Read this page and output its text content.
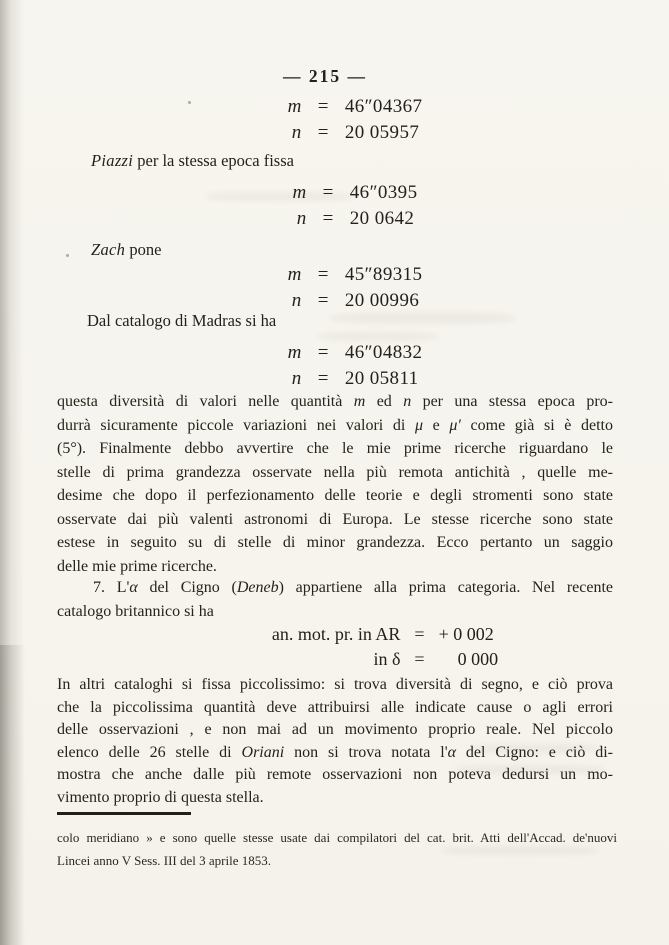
— 215 —
m = 46″04367
n = 20 05957
Piazzi per la stessa epoca fissa
m = 46″0395
n = 20 0642
Zach pone
m = 45″89315
n = 20 00996
Dal catalogo di Madras si ha
m = 46″04832
n = 20 05811
questa diversità di valori nelle quantità m ed n per una stessa epoca pro-
durrà sicuramente piccole variazioni nei valori di μ e μ′ come già si è detto
(5°). Finalmente debbo avvertire che le mie prime ricerche riguardano le
stelle di prima grandezza osservate nella più remota antichità , quelle me-
desime che dopo il perfezionamento delle teorie e degli stromenti sono state
osservate dai più valenti astronomi di Europa. Le stesse ricerche sono state
estese in seguito su di stelle di minor grandezza. Ecco pertanto un saggio
delle mie prime ricerche.
7. L'α del Cigno (Deneb) appartiene alla prima categoria. Nel recente
catalogo britannico si ha
an. mot. pr. in AR = + 0 002
in δ =	0 000
In altri cataloghi si fissa piccolissimo: si trova diversità di segno, e ciò prova
che la piccolissima quantità deve attribuirsi alle indicate cause o agli errori
delle osservazioni , e non mai ad un movimento proprio reale. Nel piccolo
elenco delle 26 stelle di Oriani non si trova notata l'α del Cigno: e ciò di-
mostra che anche dalle più remote osservazioni non poteva dedursi un mo-
vimento proprio di questa stella.
colo meridiano » e sono quelle stesse usate dai compilatori del cat. brit. Atti dell'Accad. de'nuovi
Lincei anno V Sess. III del 3 aprile 1853.
